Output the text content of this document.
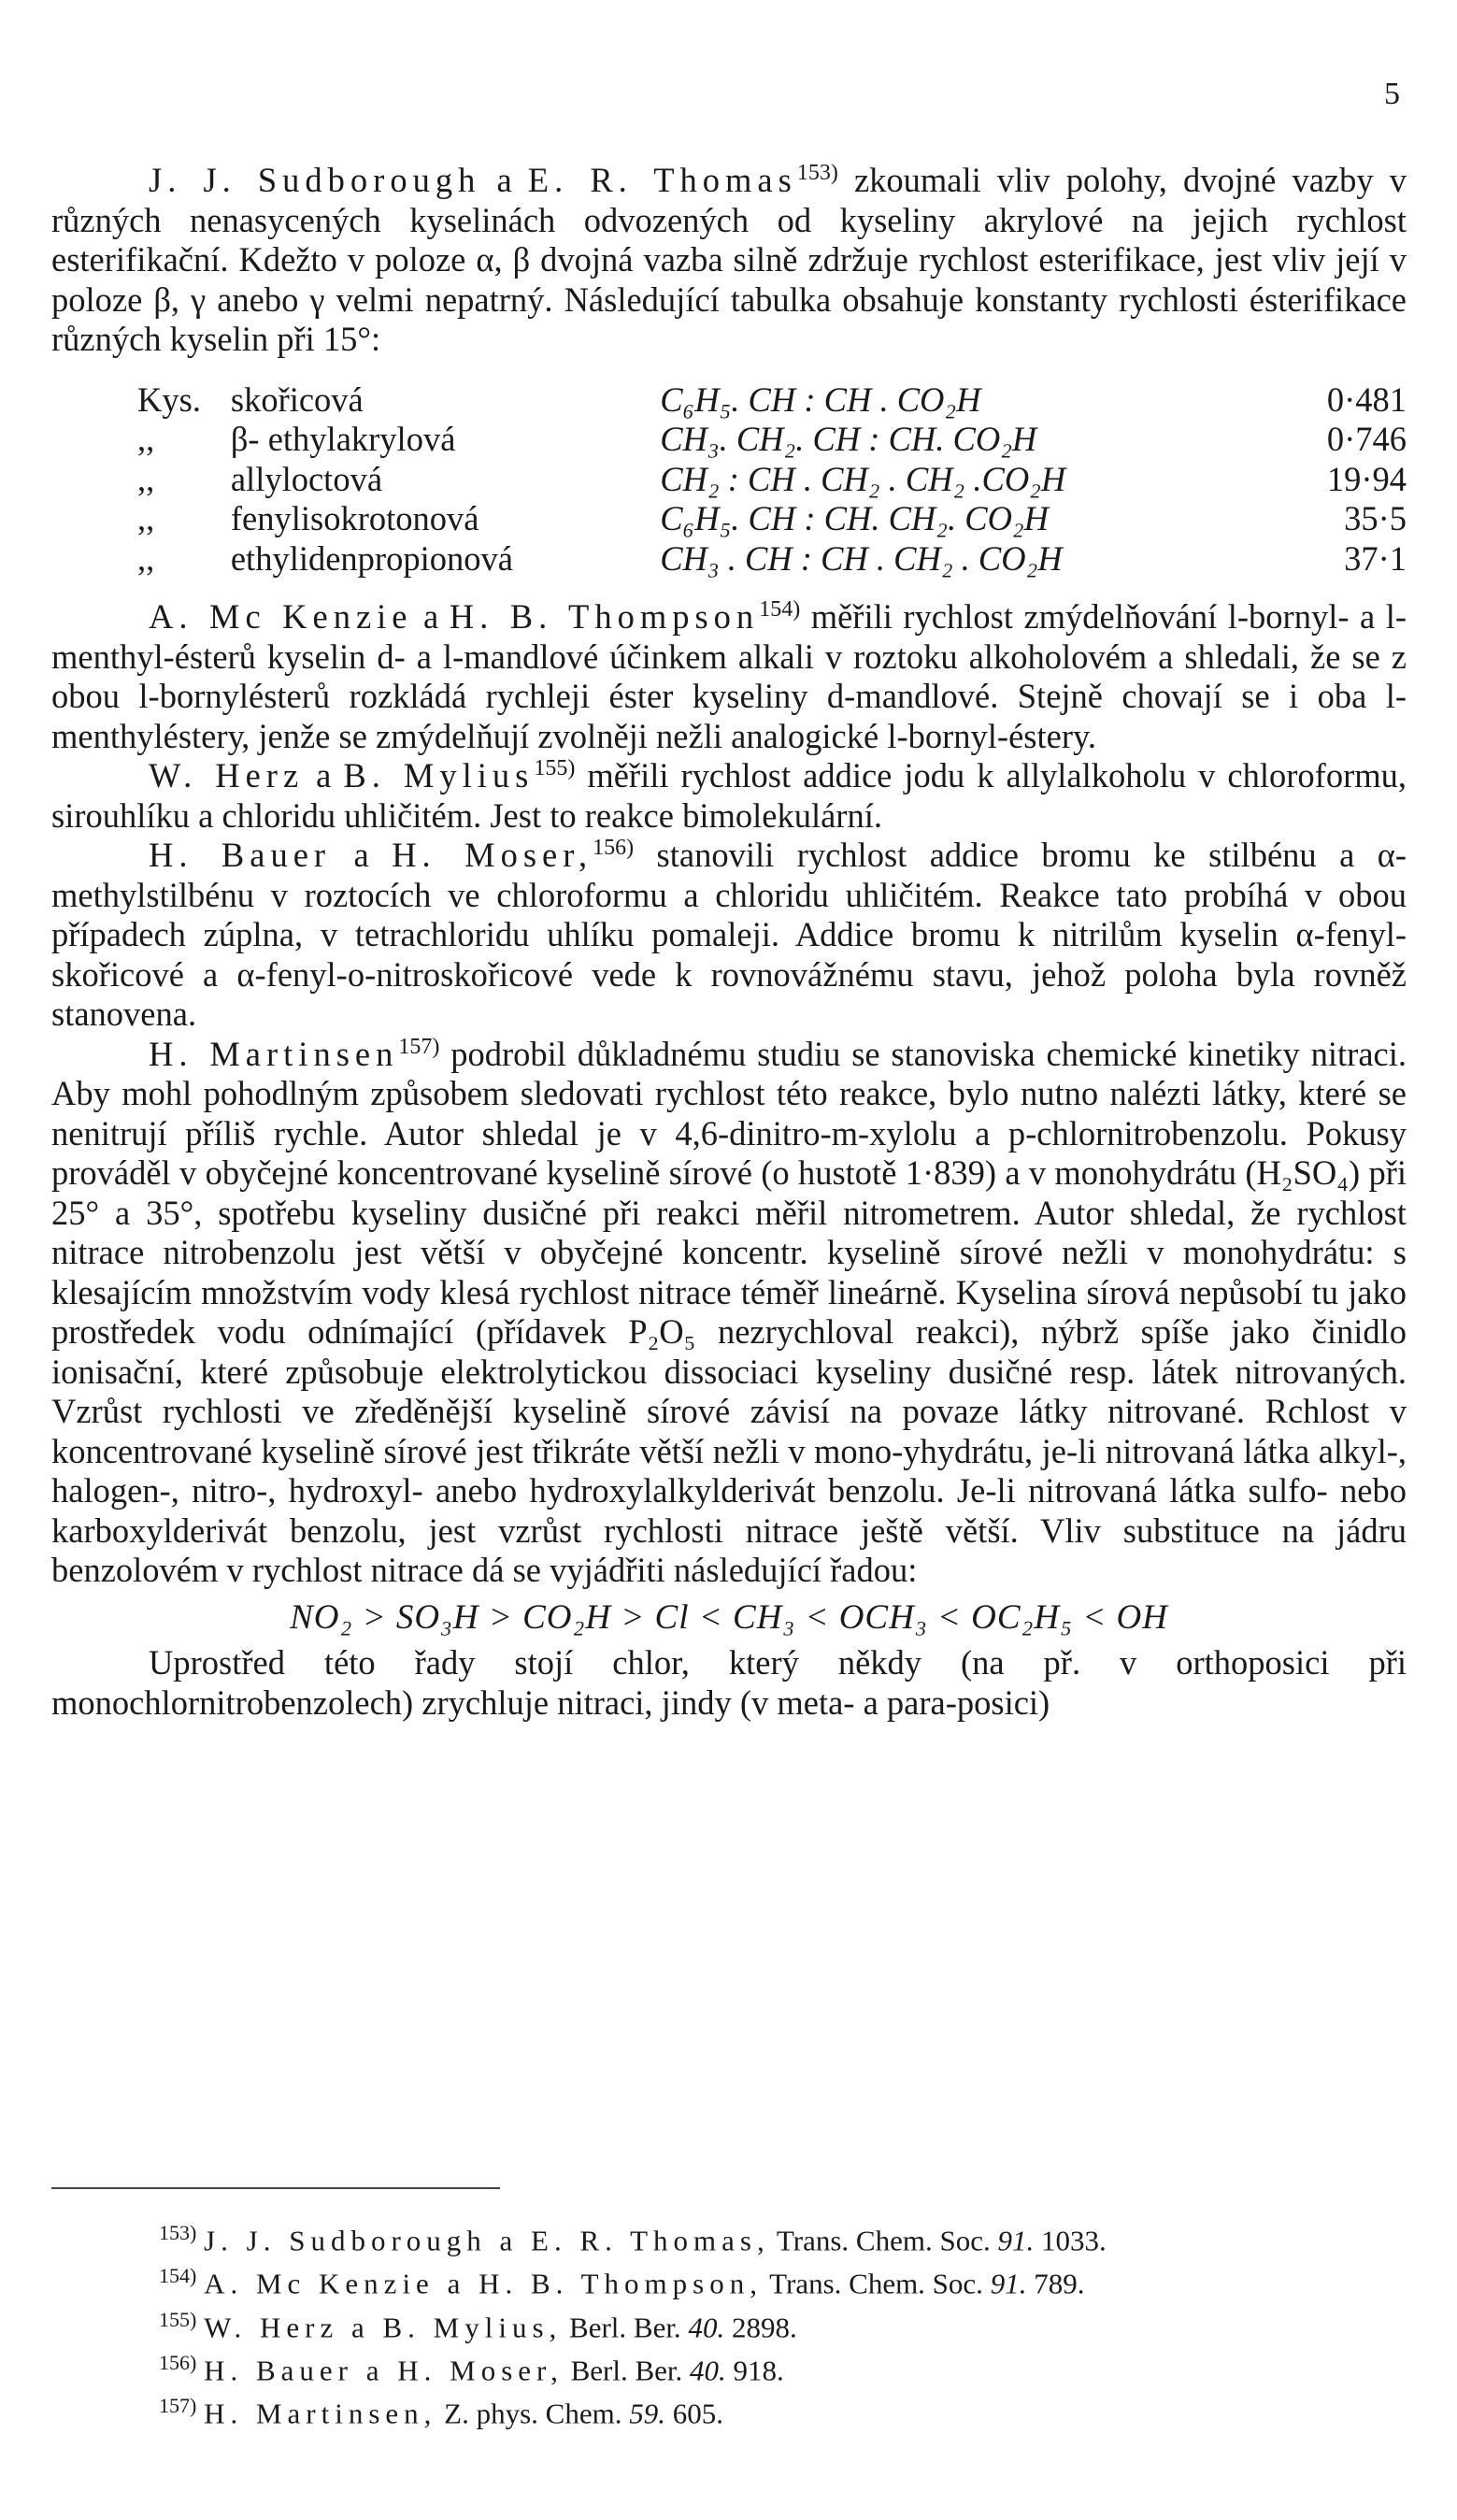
5

J. J. Sudborough a E. R. Thomas$^{153)}$ zkoumali vliv polohy, dvojné vazby v různých nenasycených kyselinách odvozených od kyseliny akrylové na jejich rychlost esterifikační. Kdežto v poloze α, β dvojná vazba silně zdržuje rychlost esterifikace, jest vliv její v poloze β, γ anebo γ velmi nepatrný. Následující tabulka obsahuje konstanty rychlosti ésterifikace různých kyselin při 15°:

Kys. skořicová	C₆H₅. CH : CH . CO₂H	0·481
,,	β- ethylakrylová	CH₃. CH₂. CH : CH. CO₂H	0·746
,,	allyloctová	CH₂ : CH . CH₂ . CH₂ .CO₂H	19·94
,,	fenylisokrotonová	C₆H₅. CH : CH. CH₂. CO₂H	35·5
,,	ethylidenpropionová	CH₃ . CH : CH . CH₂ . CO₂H	37·1

A. Mc Kenzie a H. B. Thompson$^{154)}$ měřili rychlost zmýdelňování l-bornyl- a l-menthyl-ésterů kyselin d- a l-mandlové účinkem alkali v roztoku alkoholovém a shledali, že se z obou l-bornylésterů rozkládá rychleji éster kyseliny d-mandlové. Stejně chovají se i oba l-menthylésterу, jenže se zmýdelňují zvolněji nežli analogické l-bornyl-éstery.

W. Herz a B. Mylius$^{155)}$ měřili rychlost addice jodu k allylalkoholu v chloroformu, sirouhlíku a chloridu uhličitém. Jest to reakce bimolekulární.

H. Bauer a H. Moser,$^{156)}$ stanovili rychlost addice bromu ke stilbénu a α-methylstilbénu v roztocích ve chloroformu a chloridu uhličitém. Reakce tato probíhá v obou případech zúplna, v tetrachloridu uhlíku pomaleji. Addice bromu k nitrilům kyselin α-fenyl-skořicové a α-fenyl-o-nitroskořicové vede k rovnovážnému stavu, jehož poloha byla rovněž stanovena.

H. Martinsen$^{157)}$ podrobil důkladnému studiu se stanoviska chemické kinetiky nitraci. Aby mohl pohodlným způsobem sledovati rychlost této reakce, bylo nutno nalézti látky, které se nenitrují příliš rychle. Autor shledal je v 4,6-dinitro-m-xylolu a p-chlornitrobenzolu. Pokusy prováděl v obyčejné koncentrované kyselině sírové (o hustotě 1·839) a v monohydrátu (H₂SO₄) při 25° a 35°, spotřebu kyseliny dusičné při reakci měřil nitrometrem. Autor shledal, že rychlost nitrace nitrobenzolu jest větší v obyčejné koncentr. kyselině sírové nežli v monohydrátu: s klesajícím množstvím vody klesá rychlost nitrace téměř lineárně. Kyselina sírová nepůsobí tu jako prostředek vodu odnímající (přídavek P₂O₅ nezrychloval reakci), nýbrž spíše jako činidlo ionisační, které způsobuje elektrolytickou dissociaci kyseliny dusičné resp. látek nitrovaných. Vzrůst rychlosti ve zředěnější kyselině sírové závisí na povaze látky nitrované. Rchlost v koncentrované kyselině sírové jest třikráte větší nežli v mono-yhydrátu, je-li nitrovaná látka alkyl-, halogen-, nitro-, hydroxyl- anebo hydroxylalkylderivát benzolu. Je-li nitrovaná látka sulfo- nebo karboxylderivát benzolu, jest vzrůst rychlosti nitrace ještě větší. Vliv substituce na jádru benzolovém v rychlost nitrace dá se vyjádřiti následující řadou:

NO₂ > SO₃H > CO₂H > Cl < CH₃ < OCH₃ < OC₂H₅ < OH

Uprostřed této řady stojí chlor, který někdy (na př. v orthoposici při monochlornitrobenzolech) zrychluje nitraci, jindy (v meta- a para-posici)

$^{153)}$ J. J. Sudborough a E. R. Thomas, Trans. Chem. Soc. 91. 1033.

$^{154)}$ A. Mc Kenzie a H. B. Thompson, Trans. Chem. Soc. 91. 789.

$^{155)}$ W. Herz a B. Mylius, Berl. Ber. 40. 2898.

$^{156)}$ H. Bauer a H. Moser, Berl. Ber. 40. 918.

$^{157)}$ H. Martinsen, Z. phys. Chem. 59. 605.
